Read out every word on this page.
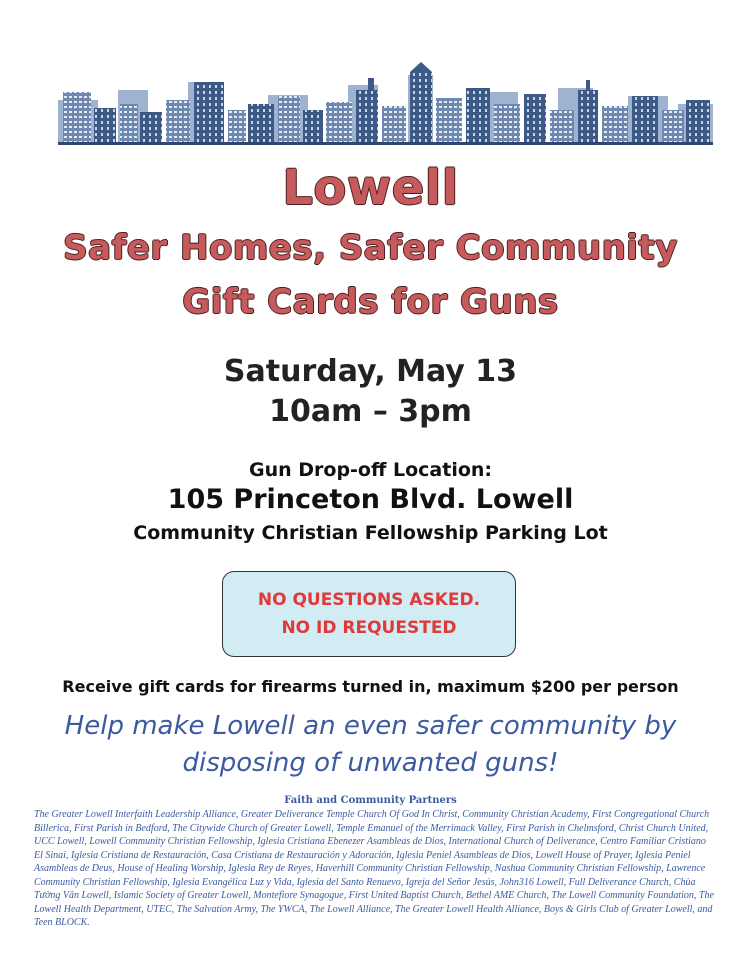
Lowell
Safer Homes, Safer Community
Gift Cards for Guns
Saturday, May 13
10am – 3pm
Gun Drop-off Location:
105 Princeton Blvd. Lowell
Community Christian Fellowship Parking Lot
NO QUESTIONS ASKED.
NO ID REQUESTED
Receive gift cards for firearms turned in, maximum $200 per person
Help make Lowell an even safer community by
disposing of unwanted guns!
Faith and Community Partners
The Greater Lowell Interfaith Leadership Alliance, Greater Deliverance Temple Church Of God In Christ, Community Christian Academy, First Congregational Church Billerica, First Parish in Bedford, The Citywide Church of Greater Lowell, Temple Emanuel of the Merrimack Valley, First Parish in Chelmsford, Christ Church United, UCC Lowell, Lowell Community Christian Fellowship, Iglesia Cristiana Ebenezer Asambleas de Dios, International Church of Deliverance, Centro Familiar Cristiano El Sinai, Iglesia Cristiana de Restauración, Casa Cristiana de Restauración y Adoración, Iglesia Peniel Asambleas de Dios, Lowell House of Prayer, Iglesia Peniel Asambleas de Deus, House of Healing Worship, Iglesia Rey de Reyes, Haverhill Community Christian Fellowship, Nashua Community Christian Fellowship, Lawrence Community Christian Fellowship, Iglesia Evangélica Luz y Vida, Iglesia del Santo Renuevo, Igreja del Señor Jesús, John316 Lowell, Full Deliverance Church, Chùa Tường Vân Lowell, Islamic Society of Greater Lowell, Montefiore Synagogue, First United Baptist Church, Bethel AME Church, The Lowell Community Foundation, The Lowell Health Department, UTEC, The Salvation Army, The YWCA, The Lowell Alliance, The Greater Lowell Health Alliance, Boys & Girls Club of Greater Lowell, and Teen BLOCK.
